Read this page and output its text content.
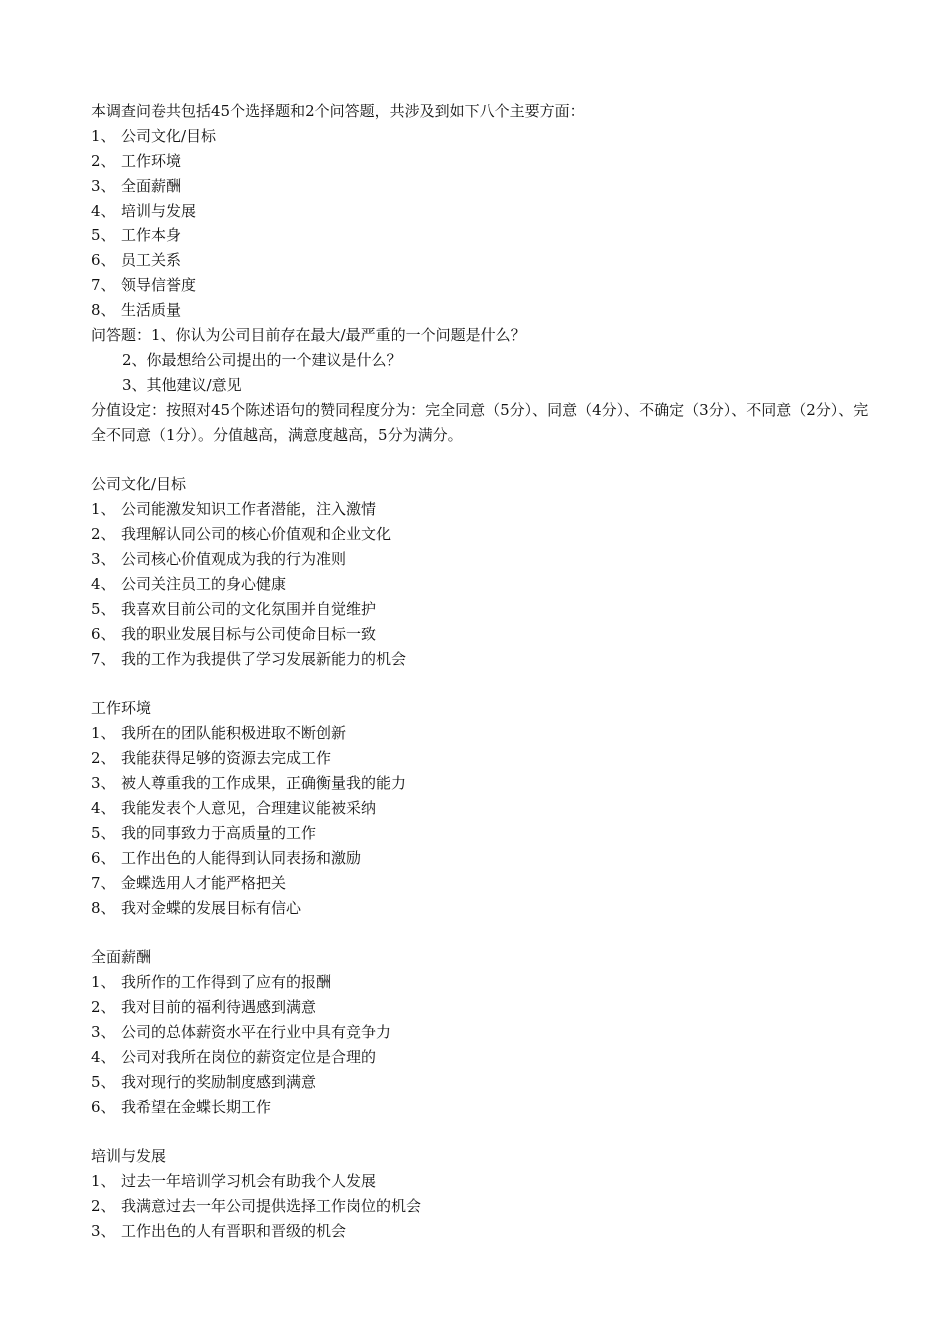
本调查问卷共包括45个选择题和2个问答题，共涉及到如下八个主要方面：
1、 公司文化/目标
2、 工作环境
3、 全面薪酬
4、 培训与发展
5、 工作本身
6、 员工关系
7、 领导信誉度
8、 生活质量
问答题：1、你认为公司目前存在最大/最严重的一个问题是什么？
2、你最想给公司提出的一个建议是什么？
3、其他建议/意见
分值设定：按照对45个陈述语句的赞同程度分为：完全同意（5分）、同意（4分）、不确定（3分）、不同意（2分）、完全不同意（1分）。分值越高，满意度越高，5分为满分。
公司文化/目标
1、 公司能激发知识工作者潜能，注入激情
2、 我理解认同公司的核心价值观和企业文化
3、 公司核心价值观成为我的行为准则
4、 公司关注员工的身心健康
5、 我喜欢目前公司的文化氛围并自觉维护
6、 我的职业发展目标与公司使命目标一致
7、 我的工作为我提供了学习发展新能力的机会
工作环境
1、 我所在的团队能积极进取不断创新
2、 我能获得足够的资源去完成工作
3、 被人尊重我的工作成果，正确衡量我的能力
4、 我能发表个人意见，合理建议能被采纳
5、 我的同事致力于高质量的工作
6、 工作出色的人能得到认同表扬和激励
7、 金蝶选用人才能严格把关
8、 我对金蝶的发展目标有信心
全面薪酬
1、 我所作的工作得到了应有的报酬
2、 我对目前的福利待遇感到满意
3、 公司的总体薪资水平在行业中具有竞争力
4、 公司对我所在岗位的薪资定位是合理的
5、 我对现行的奖励制度感到满意
6、 我希望在金蝶长期工作
培训与发展
1、 过去一年培训学习机会有助我个人发展
2、 我满意过去一年公司提供选择工作岗位的机会
3、 工作出色的人有晋职和晋级的机会
